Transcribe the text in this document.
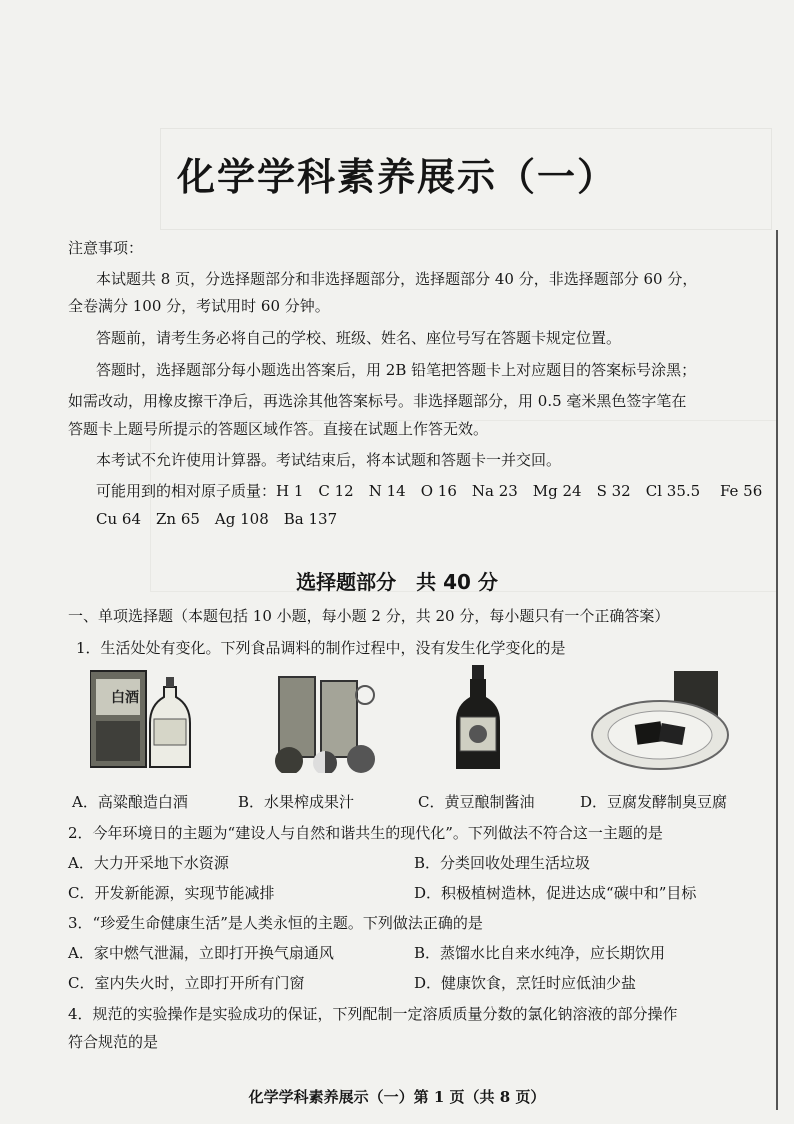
化学学科素养展示（一）
注意事项：
本试题共 8 页，分选择题部分和非选择题部分，选择题部分 40 分，非选择题部分 60 分，
全卷满分 100 分，考试用时 60 分钟。
答题前，请考生务必将自己的学校、班级、姓名、座位号写在答题卡规定位置。
答题时，选择题部分每小题选出答案后，用 2B 铅笔把答题卡上对应题目的答案标号涂黑；
如需改动，用橡皮擦干净后，再选涂其他答案标号。非选择题部分，用 0.5 毫米黑色签字笔在
答题卡上题号所提示的答题区域作答。直接在试题上作答无效。
本考试不允许使用计算器。考试结束后，将本试题和答题卡一并交回。
可能用到的相对原子质量：H 1　C 12　N 14　O 16　Na 23　Mg 24　S 32　Cl 35.5　 Fe 56
Cu 64　Zn 65　Ag 108　Ba 137
选择题部分　共 40 分
一、单项选择题（本题包括 10 小题，每小题 2 分，共 20 分，每小题只有一个正确答案）
1．生活处处有变化。下列食品调料的制作过程中，没有发生化学变化的是
白酒
A．高粱酿造白酒	B．水果榨成果汁	C．黄豆酿制酱油	D．豆腐发酵制臭豆腐
2．今年环境日的主题为“建设人与自然和谐共生的现代化”。下列做法不符合这一主题的是
A．大力开采地下水资源	B．分类回收处理生活垃圾
C．开发新能源，实现节能减排	D．积极植树造林，促进达成“碳中和”目标
3．“珍爱生命健康生活”是人类永恒的主题。下列做法正确的是
A．家中燃气泄漏，立即打开换气扇通风	B．蒸馏水比自来水纯净，应长期饮用
C．室内失火时，立即打开所有门窗	D．健康饮食，烹饪时应低油少盐
4．规范的实验操作是实验成功的保证，下列配制一定溶质质量分数的氯化钠溶液的部分操作
符合规范的是
化学学科素养展示（一）第 1 页（共 8 页）
